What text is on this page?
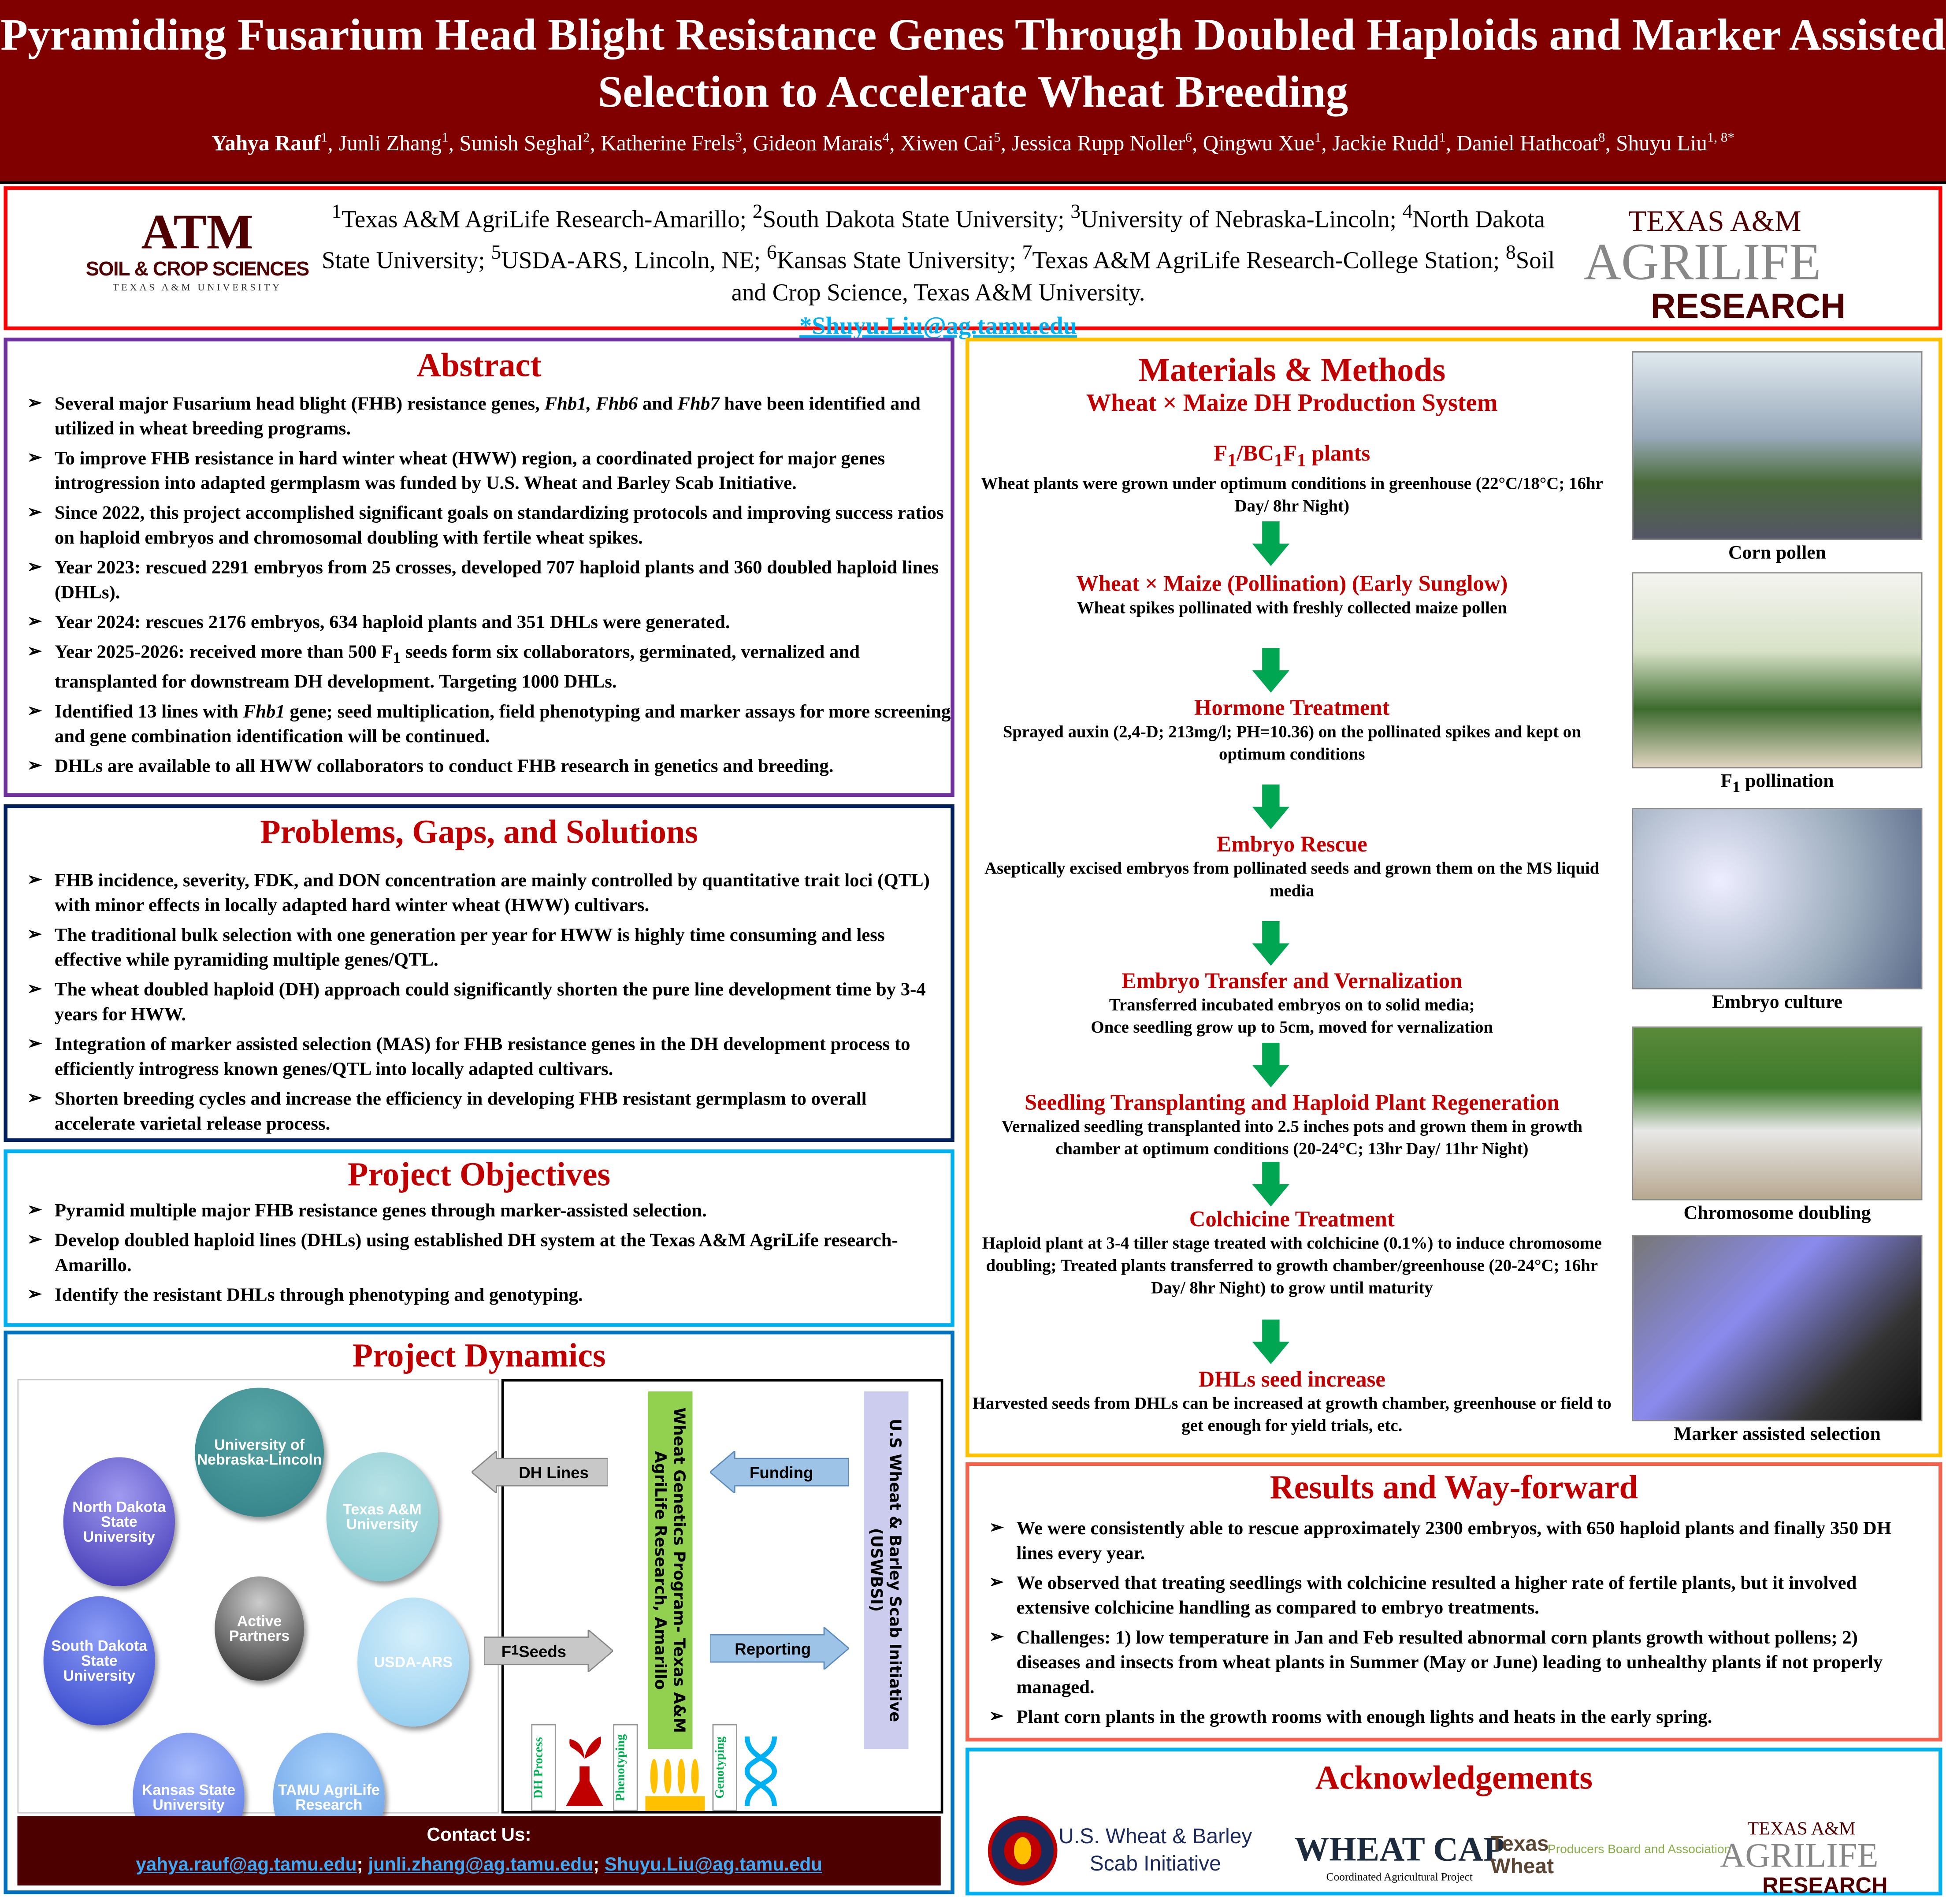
Pyramiding Fusarium Head Blight Resistance Genes Through Doubled Haploids and Marker Assisted Selection to Accelerate Wheat Breeding
Yahya Rauf$^1$, Junli Zhang$^1$, Sunish Seghal$^2$, Katherine Frels$^3$, Gideon Marais$^4$, Xiwen Cai$^5$, Jessica Rupp Noller$^6$, Qingwu Xue$^1$, Jackie Rudd$^1$, Daniel Hathcoat$^8$, Shuyu Liu$^{1, 8*}$
ATM
SOIL & CROP SCIENCES
TEXAS A&M UNIVERSITY
$^1$Texas A&M AgriLife Research-Amarillo; $^2$South Dakota State University; $^3$University of Nebraska-Lincoln; $^4$North Dakota State University; $^5$USDA-ARS, Lincoln, NE; $^6$Kansas State University; $^7$Texas A&M AgriLife Research-College Station; $^8$Soil and Crop Science, Texas A&M University.
*Shuyu.Liu@ag.tamu.edu
TEXAS A&M
AGRILIFE
RESEARCH
Abstract
➢ Several major Fusarium head blight (FHB) resistance genes, Fhb1, Fhb6 and Fhb7 have been identified and utilized in wheat breeding programs.
➢ To improve FHB resistance in hard winter wheat (HWW) region, a coordinated project for major genes introgression into adapted germplasm was funded by U.S. Wheat and Barley Scab Initiative.
➢ Since 2022, this project accomplished significant goals on standardizing protocols and improving success ratios on haploid embryos and chromosomal doubling with fertile wheat spikes.
➢ Year 2023: rescued 2291 embryos from 25 crosses, developed 707 haploid plants and 360 doubled haploid lines (DHLs).
➢ Year 2024: rescues 2176 embryos, 634 haploid plants and 351 DHLs were generated.
➢ Year 2025-2026: received more than 500 $F_1$ seeds form six collaborators, germinated, vernalized and transplanted for downstream DH development. Targeting 1000 DHLs.
➢ Identified 13 lines with Fhb1 gene; seed multiplication, field phenotyping and marker assays for more screening and gene combination identification will be continued.
➢ DHLs are available to all HWW collaborators to conduct FHB research in genetics and breeding.
Problems, Gaps, and Solutions
➢ FHB incidence, severity, FDK, and DON concentration are mainly controlled by quantitative trait loci (QTL) with minor effects in locally adapted hard winter wheat (HWW) cultivars.
➢ The traditional bulk selection with one generation per year for HWW is highly time consuming and less effective while pyramiding multiple genes/QTL.
➢ The wheat doubled haploid (DH) approach could significantly shorten the pure line development time by 3-4 years for HWW.
➢ Integration of marker assisted selection (MAS) for FHB resistance genes in the DH development process to efficiently introgress known genes/QTL into locally adapted cultivars.
➢ Shorten breeding cycles and increase the efficiency in developing FHB resistant germplasm to overall accelerate varietal release process.
Project Objectives
➢ Pyramid multiple major FHB resistance genes through marker-assisted selection.
➢ Develop doubled haploid lines (DHLs) using established DH system at the Texas A&M AgriLife research-Amarillo.
➢ Identify the resistant DHLs through phenotyping and genotyping.
Project Dynamics
University of Nebraska-Lincoln
Texas A&M University
USDA-ARS
TAMU AgriLife Research
Kansas State University
South Dakota State University
North Dakota State University
Active Partners
DH Lines
F 1 Seeds
Funding
Reporting
Wheat Genetics Program- Texas A&M AgriLife Research, Amarillo	U.S Wheat & Barley Scab Initiative (USWBSI)
DH Process	Phenotyping	Genotyping
Contact Us:
yahya.rauf@ag.tamu.edu; junli.zhang@ag.tamu.edu; Shuyu.Liu@ag.tamu.edu
Materials & Methods
Wheat × Maize DH Production System
$F_1/BC_1F_1$ plants
Wheat plants were grown under optimum conditions in greenhouse (22°C/18°C; 16hr Day/ 8hr Night)
Wheat × Maize (Pollination) (Early Sunglow)
Wheat spikes pollinated with freshly collected maize pollen
Hormone Treatment
Sprayed auxin (2,4-D; 213mg/l; PH=10.36) on the pollinated spikes and kept on optimum conditions
Embryo Rescue
Aseptically excised embryos from pollinated seeds and grown them on the MS liquid media
Embryo Transfer and Vernalization
Transferred incubated embryos on to solid media;
Once seedling grow up to 5cm, moved for vernalization
Seedling Transplanting and Haploid Plant Regeneration
Vernalized seedling transplanted into 2.5 inches pots and grown them in growth chamber at optimum conditions (20-24°C; 13hr Day/ 11hr Night)
Colchicine Treatment
Haploid plant at 3-4 tiller stage treated with colchicine (0.1%) to induce chromosome doubling; Treated plants transferred to growth chamber/greenhouse (20-24°C; 16hr Day/ 8hr Night) to grow until maturity
DHLs seed increase
Harvested seeds from DHLs can be increased at growth chamber, greenhouse or field to get enough for yield trials, etc.
Corn pollen
$F_1$ pollination
Embryo culture
Chromosome doubling
Marker assisted selection
Results and Way-forward
➢ We were consistently able to rescue approximately 2300 embryos, with 650 haploid plants and finally 350 DH lines every year.
➢ We observed that treating seedlings with colchicine resulted a higher rate of fertile plants, but it involved extensive colchicine handling as compared to embryo treatments.
➢ Challenges: 1) low temperature in Jan and Feb resulted abnormal corn plants growth without pollens; 2) diseases and insects from wheat plants in Summer (May or June) leading to unhealthy plants if not properly managed.
➢ Plant corn plants in the growth rooms with enough lights and heats in the early spring.
Acknowledgements
U.S. Wheat & Barley
Scab Initiative	WHEAT CAP
Coordinated Agricultural Project
Texas
Wheat
Producers Board and Association
TEXAS A&M
AGRILIFE
RESEARCH
